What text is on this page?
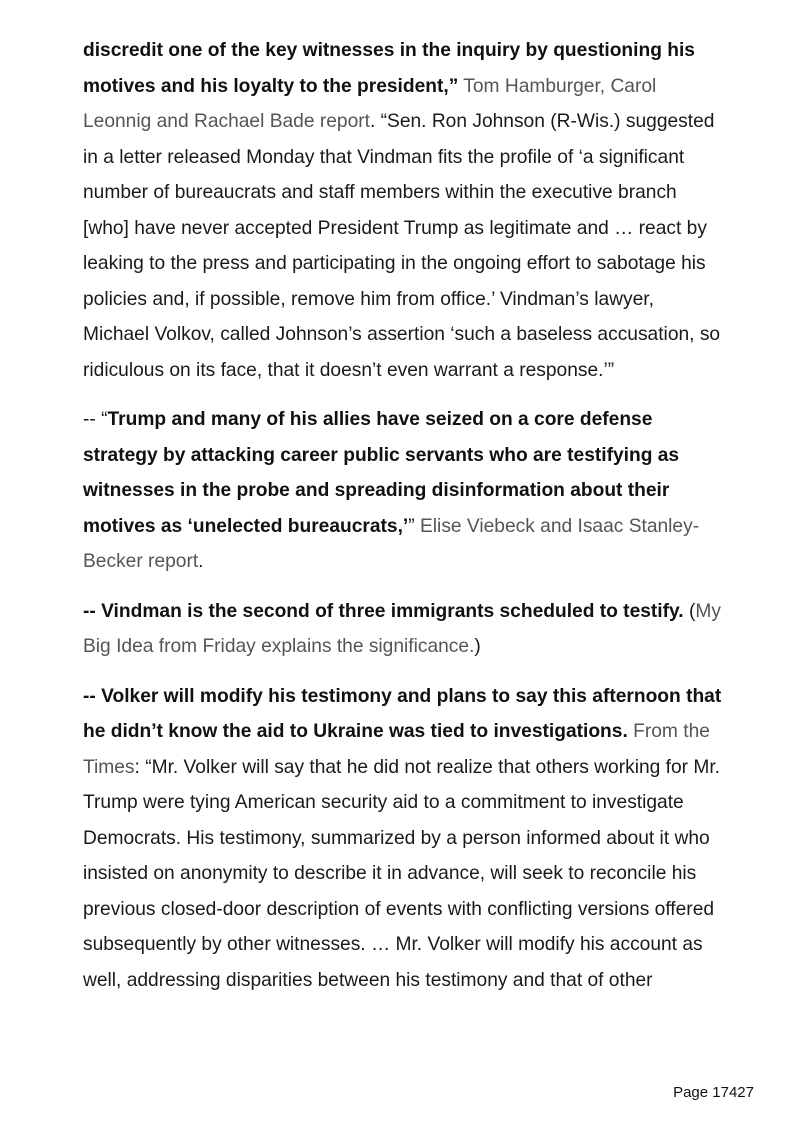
discredit one of the key witnesses in the inquiry by questioning his motives and his loyalty to the president,” Tom Hamburger, Carol Leonnig and Rachael Bade report. “Sen. Ron Johnson (R-Wis.) suggested in a letter released Monday that Vindman fits the profile of ‘a significant number of bureaucrats and staff members within the executive branch [who] have never accepted President Trump as legitimate and … react by leaking to the press and participating in the ongoing effort to sabotage his policies and, if possible, remove him from office.’ Vindman’s lawyer, Michael Volkov, called Johnson’s assertion ‘such a baseless accusation, so ridiculous on its face, that it doesn’t even warrant a response.’”

-- “Trump and many of his allies have seized on a core defense strategy by attacking career public servants who are testifying as witnesses in the probe and spreading disinformation about their motives as ‘unelected bureaucrats,’” Elise Viebeck and Isaac Stanley-Becker report.

-- Vindman is the second of three immigrants scheduled to testify. (My Big Idea from Friday explains the significance.)

-- Volker will modify his testimony and plans to say this afternoon that he didn’t know the aid to Ukraine was tied to investigations. From the Times: “Mr. Volker will say that he did not realize that others working for Mr. Trump were tying American security aid to a commitment to investigate Democrats. His testimony, summarized by a person informed about it who insisted on anonymity to describe it in advance, will seek to reconcile his previous closed-door description of events with conflicting versions offered subsequently by other witnesses. … Mr. Volker will modify his account as well, addressing disparities between his testimony and that of other

Page 17427
